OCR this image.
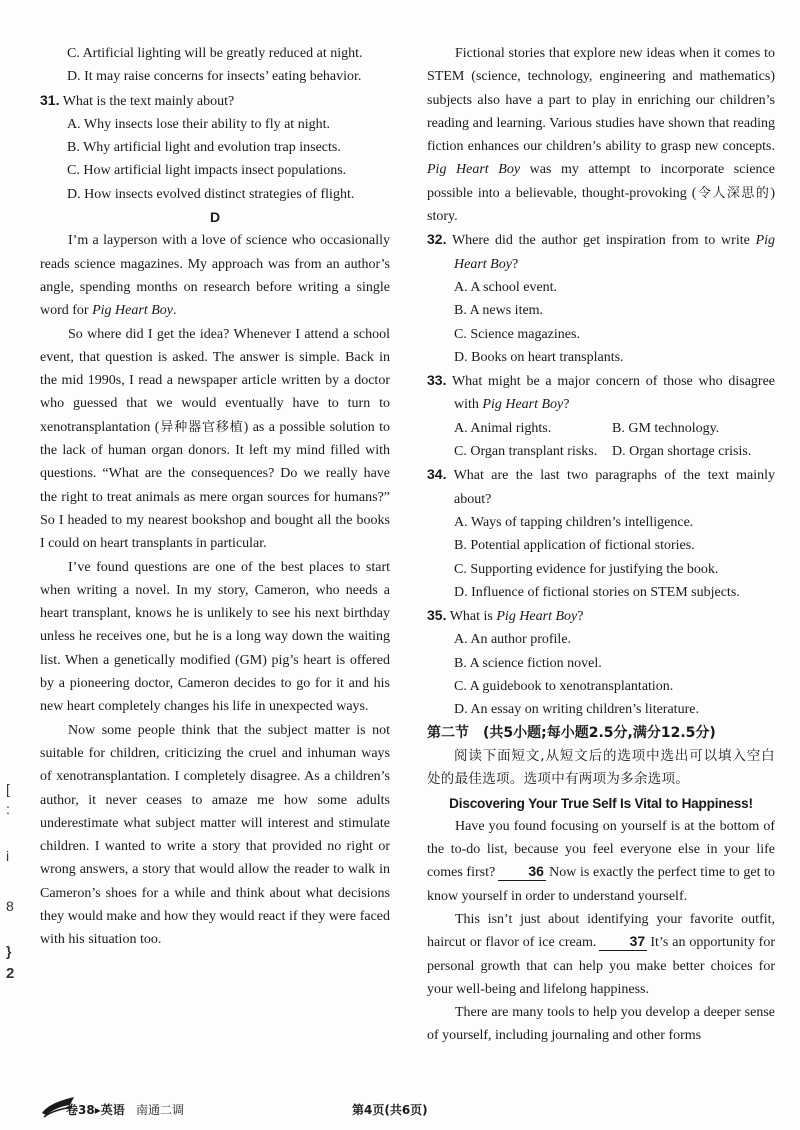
C. Artificial lighting will be greatly reduced at night.

D. It may raise concerns for insects’ eating behavior.

31. What is the text mainly about?

A. Why insects lose their ability to fly at night.

B. Why artificial light and evolution trap insects.

C. How artificial light impacts insect populations.

D. How insects evolved distinct strategies of flight.

D

I’m a layperson with a love of science who occasionally reads science magazines. My approach was from an author’s angle, spending months on research before writing a single word for Pig Heart Boy.

So where did I get the idea? Whenever I attend a school event, that question is asked. The answer is simple. Back in the mid 1990s, I read a newspaper article written by a doctor who guessed that we would eventually have to turn to xenotransplantation (异种器官移植) as a possible solution to the lack of human organ donors. It left my mind filled with questions. “What are the consequences? Do we really have the right to treat animals as mere organ sources for humans?” So I headed to my nearest bookshop and bought all the books I could on heart transplants in particular.

I’ve found questions are one of the best places to start when writing a novel. In my story, Cameron, who needs a heart transplant, knows he is unlikely to see his next birthday unless he receives one, but he is a long way down the waiting list. When a genetically modified (GM) pig’s heart is offered by a pioneering doctor, Cameron decides to go for it and his new heart completely changes his life in unexpected ways.

Now some people think that the subject matter is not suitable for children, criticizing the cruel and inhuman ways of xenotransplantation. I completely disagree. As a children’s author, it never ceases to amaze me how some adults underestimate what subject matter will interest and stimulate children. I wanted to write a story that provided no right or wrong answers, a story that would allow the reader to walk in Cameron’s shoes for a while and think about what decisions they would make and how they would react if they were faced with his situation too.

Fictional stories that explore new ideas when it comes to STEM (science, technology, engineering and mathematics) subjects also have a part to play in enriching our children’s reading and learning. Various studies have shown that reading fiction enhances our children’s ability to grasp new concepts. Pig Heart Boy was my attempt to incorporate science possible into a believable, thought-provoking (令人深思的) story.

32. Where did the author get inspiration from to write Pig Heart Boy?

A. A school event.

B. A news item.

C. Science magazines.

D. Books on heart transplants.

33. What might be a major concern of those who disagree with Pig Heart Boy?

A. Animal rights.	B. GM technology.
C. Organ transplant risks.	D. Organ shortage crisis.

34. What are the last two paragraphs of the text mainly about?

A. Ways of tapping children’s intelligence.

B. Potential application of fictional stories.

C. Supporting evidence for justifying the book.

D. Influence of fictional stories on STEM subjects.

35. What is Pig Heart Boy?

A. An author profile.

B. A science fiction novel.

C. A guidebook to xenotransplantation.

D. An essay on writing children’s literature.

第二节　(共5小题;每小题2.5分,满分12.5分)

阅读下面短文,从短文后的选项中选出可以填入空白处的最佳选项。选项中有两项为多余选项。

Discovering Your True Self Is Vital to Happiness!

Have you found focusing on yourself is at the bottom of the to-do list, because you feel everyone else in your life comes first? 36 Now is exactly the perfect time to get to know yourself in order to understand yourself.

This isn’t just about identifying your favorite outfit, haircut or flavor of ice cream. 37 It’s an opportunity for personal growth that can help you make better choices for your well-being and lifelong happiness.

There are many tools to help you develop a deeper sense of yourself, including journaling and other forms

[
:
i
8
}
2
卷38▸英语 南通二调	第4页(共6页)
